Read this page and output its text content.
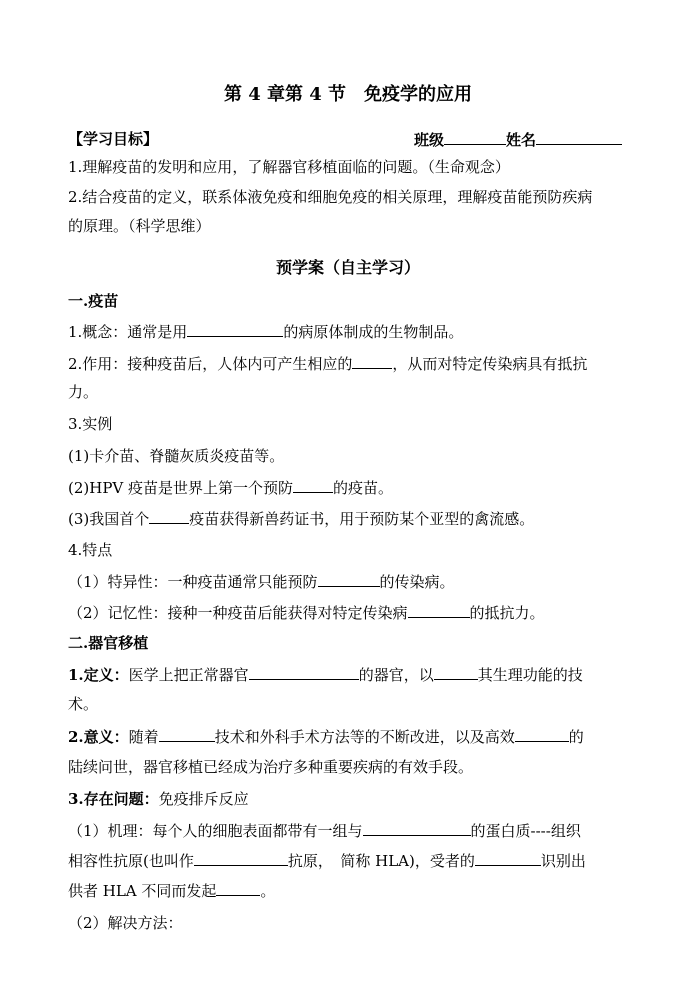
第 4 章第 4 节　免疫学的应用
【学习目标】	班级	姓名
1.理解疫苗的发明和应用，了解器官移植面临的问题。（生命观念）
2.结合疫苗的定义，联系体液免疫和细胞免疫的相关原理，理解疫苗能预防疾病
的原理。（科学思维）
预学案（自主学习）
一.疫苗
1.概念：通常是用	的病原体制成的生物制品。
2.作用：接种疫苗后，人体内可产生相应的	，从而对特定传染病具有抵抗
力。
3.实例
(1)卡介苗、脊髓灰质炎疫苗等。
(2)HPV 疫苗是世界上第一个预防	的疫苗。
(3)我国首个	疫苗获得新兽药证书，用于预防某个亚型的禽流感。
4.特点
（1）特异性：一种疫苗通常只能预防	的传染病。
（2）记忆性：接种一种疫苗后能获得对特定传染病	的抵抗力。
二.器官移植
1.定义：医学上把正常器官	的器官，以	其生理功能的技
术。
2.意义：随着	技术和外科手术方法等的不断改进，以及高效	的
陆续问世，器官移植已经成为治疗多种重要疾病的有效手段。
3.存在问题：免疫排斥反应
（1）机理：每个人的细胞表面都带有一组与	的蛋白质----组织
相容性抗原(也叫作	抗原，　简称 HLA)，受者的	识别出
供者 HLA 不同而发起	。
（2）解决方法：
